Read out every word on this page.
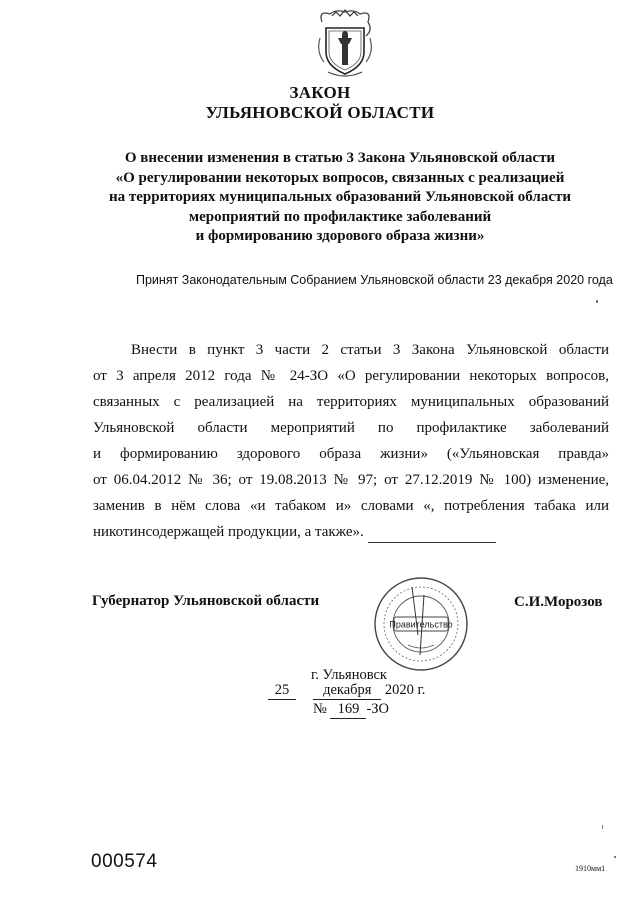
ЗАКОН
УЛЬЯНОВСКОЙ ОБЛАСТИ
О внесении изменения в статью 3 Закона Ульяновской области
«О регулировании некоторых вопросов, связанных с реализацией
на территориях муниципальных образований Ульяновской области
мероприятий по профилактике заболеваний
и формированию здорового образа жизни»
Принят Законодательным Собранием Ульяновской области 23 декабря 2020 года
Внести в пункт 3 части 2 статьи 3 Закона Ульяновской области
от 3 апреля 2012 года № 24-ЗО «О регулировании некоторых вопросов,
связанных с реализацией на территориях муниципальных образований
Ульяновской области мероприятий по профилактике заболеваний
и формированию здорового образа жизни» («Ульяновская правда»
от 06.04.2012 № 36; от 19.08.2013 № 97; от 27.12.2019 № 100) изменение,
заменив в нём слова «и табаком и» словами «, потребления табака или
никотинсодержащей продукции, а также».
Губернатор Ульяновской области
Правительство
С.И.Морозов
г. Ульяновск
25 декабря 2020 г.
№ 169 -ЗО
000574	1910мм1
